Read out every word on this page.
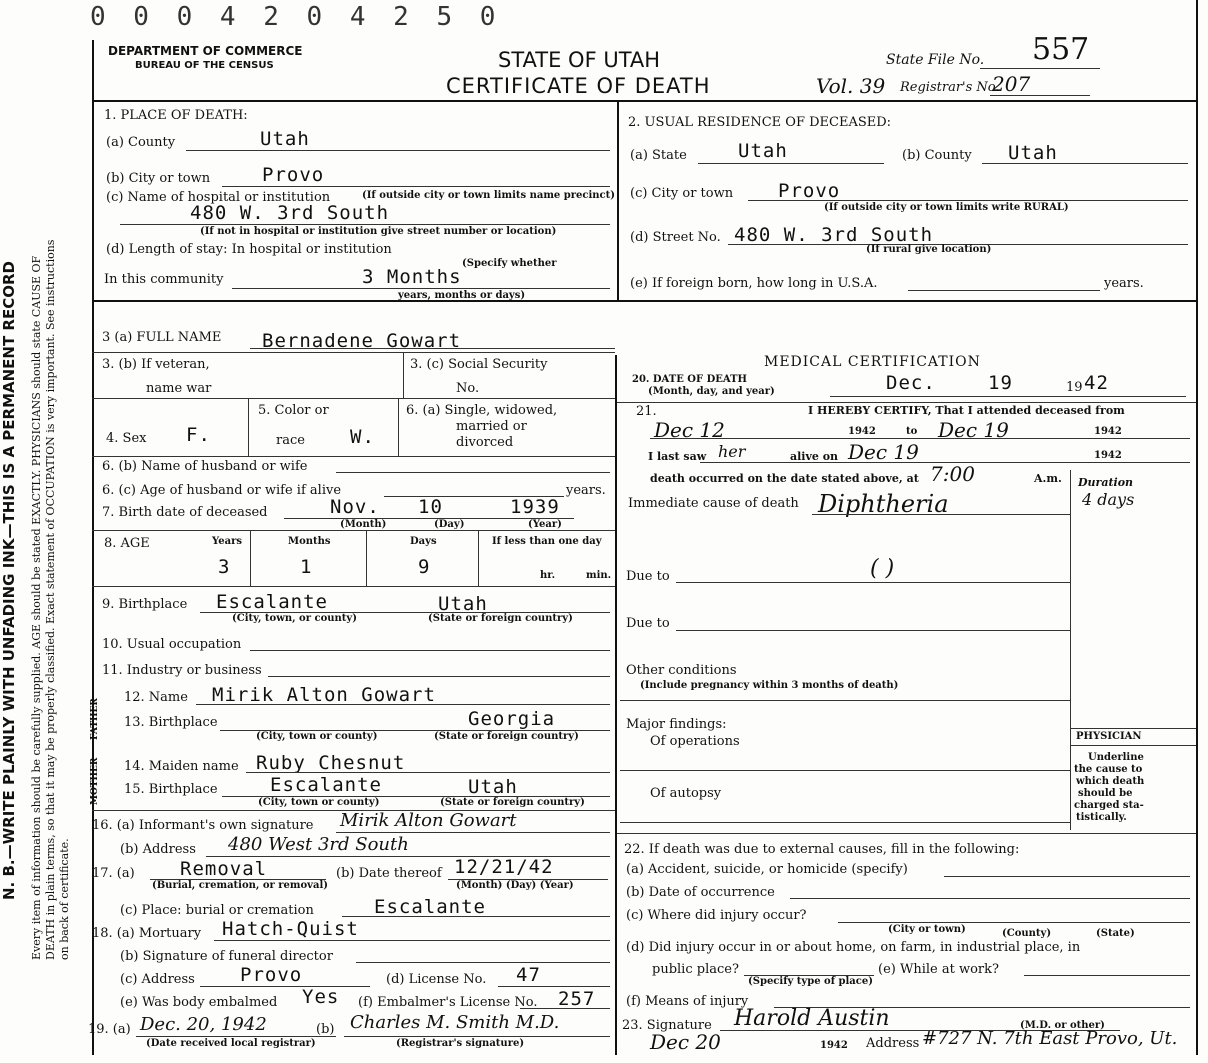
N. B.—WRITE PLAINLY WITH UNFADING INK—THIS IS A PERMANENT RECORD Every item of information should be carefully supplied. AGE should be stated EXACTLY. PHYSICIANS should state CAUSE OF DEATH in plain terms, so that it may be properly classified. Exact statement of OCCUPATION is very important. See instructions on back of certificate.
0 0 0 4 2 0 4 2 5 0
DEPARTMENT OF COMMERCE
BUREAU OF THE CENSUS	STATE OF UTAH
CERTIFICATE OF DEATH
State File No. 557
Vol. 39 Registrar's No.
207
1. PLACE OF DEATH:
(a) County	Utah
(b) City or town	Provo
(c) Name of hospital or institution	(If outside city or town limits name precinct)
480 W. 3rd South
(If not in hospital or institution give street number or location)
(d) Length of stay: In hospital or institution
(Specify whether
In this community	3 Months
years, months or days)
2. USUAL RESIDENCE OF DECEASED:
(a) State	Utah	(b) County Utah
(c) City or town Provo
(If outside city or town limits write RURAL)
(d) Street No. 480 W. 3rd South
(If rural give location)
(e) If foreign born, how long in U.S.A.	years.
3 (a) FULL NAME Bernadene Gowart
3. (b) If veteran,
name war
3. (c) Social Security
No.
4. Sex F.
5. Color or
race W.
6. (a) Single, widowed,
married or
divorced
6. (b) Name of husband or wife
6. (c) Age of husband or wife if alive	years.
7. Birth date of deceased	Nov. 10	1939
(Month)	(Day)	(Year)
8. AGE	Years	Months	Days	If less than one day
3	1	9	hr.	min.
9. Birthplace Escalante	Utah
(City, town, or county)	(State or foreign country)
10. Usual occupation
11. Industry or business
FATHER
MOTHER
12. Name Mirik Alton Gowart
13. Birthplace	Georgia
(City, town or county)	(State or foreign country)
14. Maiden name Ruby Chesnut
15. Birthplace	Escalante	Utah
(City, town or county)	(State or foreign country)
16. (a) Informant's own signature Mirik Alton Gowart
(b) Address 480 West 3rd South
17. (a) Removal
(Burial, cremation, or removal)
(b) Date thereof 12/21/42
(Month) (Day) (Year)
(c) Place: burial or cremation	Escalante
18. (a) Mortuary Hatch-Quist
(b) Signature of funeral director
(c) Address Provo	(d) License No. 47
(e) Was body embalmed Yes (f) Embalmer's License No. 257
19. (a) Dec. 20, 1942
(Date received local registrar)
(b) Charles M. Smith M.D.
(Registrar's signature)
MEDICAL CERTIFICATION
20. DATE OF DEATH
(Month, day, and year)	Dec.	19	19 42
21.	I HEREBY CERTIFY, That I attended deceased from
Dec 12	1942	to Dec 19	1942
I last saw her	alive on Dec 19	1942
death occurred on the date stated above, at 7:00	A.m. Duration
4 days
Immediate cause of death Diphtheria
Due to	( )
Due to
Other conditions
(Include pregnancy within 3 months of death)
Major findings:
Of operations
Of autopsy
PHYSICIAN
Underline
the cause to
which death
should be
charged sta-
tistically.
22. If death was due to external causes, fill in the following:
(a) Accident, suicide, or homicide (specify)
(b) Date of occurrence
(c) Where did injury occur?
(City or town)	(County)	(State)
(d) Did injury occur in or about home, on farm, in industrial place, in
public place?
(Specify type of place)
(e) While at work?
(f) Means of injury
23. Signature Harold Austin	(M.D. or other)
Dec 20	1942 Address #727 N. 7th East Provo, Ut.
